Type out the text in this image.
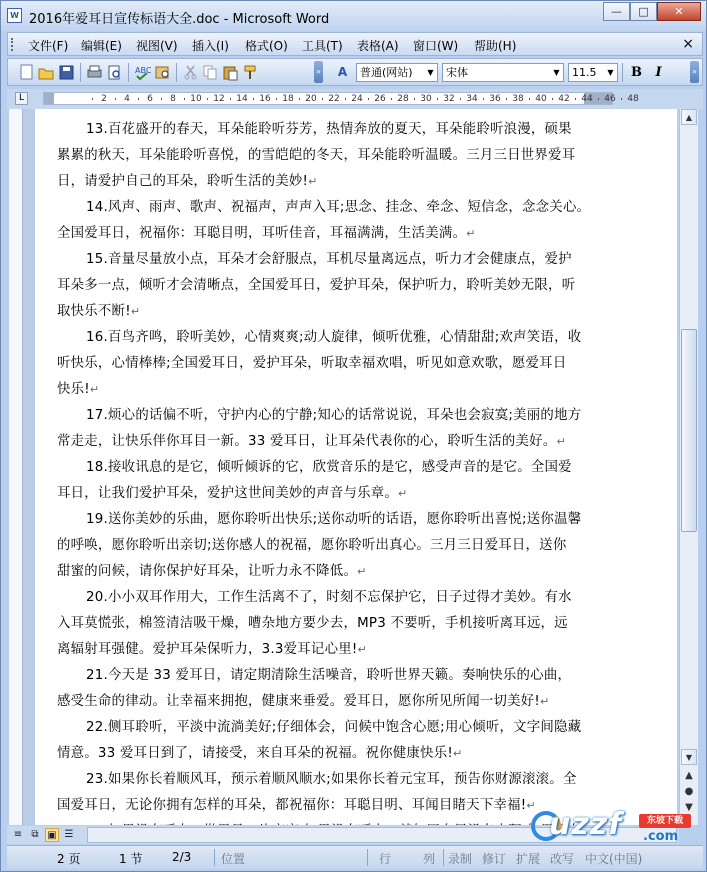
W 2016年爱耳日宣传标语大全.doc - Microsoft Word
—	□	✕
文件(F) 编辑(E) 视图(V) 插入(I) 格式(O) 工具(T) 表格(A) 窗口(W) 帮助(H)	×
ABC	»	A	普通(网站)	▼	宋体	▼	11.5	▼ B	I	»
L	2 4 6 8 10 12 14 16 18 20 22 24 26 28 30 32 34 36 38 40 42 44 46 48
13.百花盛开的春天，耳朵能聆听芬芳，热情奔放的夏天，耳朵能聆听浪漫，硕果
累累的秋天，耳朵能聆听喜悦，的雪皑皑的冬天，耳朵能聆听温暖。三月三日世界爱耳
日，请爱护自己的耳朵，聆听生活的美妙!↵
14.风声、雨声、歌声、祝福声，声声入耳;思念、挂念、牵念、短信念，念念关心。
全国爱耳日，祝福你：耳聪目明，耳听佳音，耳福满满，生活美满。↵
15.音量尽量放小点，耳朵才会舒服点，耳机尽量离远点，听力才会健康点，爱护
耳朵多一点，倾听才会清晰点，全国爱耳日，爱护耳朵，保护听力，聆听美妙无限，听
取快乐不断!↵
16.百鸟齐鸣，聆听美妙，心情爽爽;动人旋律，倾听优雅，心情甜甜;欢声笑语，收
听快乐，心情棒棒;全国爱耳日，爱护耳朵，听取幸福欢唱，听见如意欢歌，愿爱耳日
快乐!↵
17.烦心的话偏不听，守护内心的宁静;知心的话常说说，耳朵也会寂寞;美丽的地方
常走走，让快乐伴你耳目一新。33 爱耳日，让耳朵代表你的心，聆听生活的美好。↵
18.接收讯息的是它，倾听倾诉的它，欣赏音乐的是它，感受声音的是它。全国爱
耳日，让我们爱护耳朵，爱护这世间美妙的声音与乐章。↵
19.送你美妙的乐曲，愿你聆听出快乐;送你动听的话语，愿你聆听出喜悦;送你温馨
的呼唤，愿你聆听出亲切;送你感人的祝福，愿你聆听出真心。三月三日爱耳日，送你
甜蜜的问候，请你保护好耳朵，让听力永不降低。↵
20.小小双耳作用大，工作生活离不了，时刻不忘保护它，日子过得才美妙。有水
入耳莫慌张，棉签清洁吸干燥，嘈杂地方要少去，MP3 不要听，手机接听离耳远，远
离辐射耳强健。爱护耳朵保听力，3.3爱耳记心里!↵
21.今天是 33 爱耳日，请定期清除生活噪音，聆听世界天籁。奏响快乐的心曲，
感受生命的律动。让幸福来拥抱，健康来垂爱。爱耳日，愿你所见所闻一切美好!↵
22.侧耳聆听，平淡中流淌美好;仔细体会，问候中饱含心愿;用心倾听，文字间隐藏
情意。33 爱耳日到了，请接受，来自耳朵的祝福。祝你健康快乐!↵
23.如果你长着顺风耳，预示着顺风顺水;如果你长着元宝耳，预告你财源滚滚。全
国爱耳日，无论你拥有怎样的耳朵，都祝福你：耳聪目明、耳闻目睹天下幸福!↵
▲
▼
▲
●
▼
≡ ⧉ ▣ ☰
2 页	1 节 2/3 位置	行	列 录制 修订 扩展 改写 中文(中国)
uzzf	东坡下载
.com
